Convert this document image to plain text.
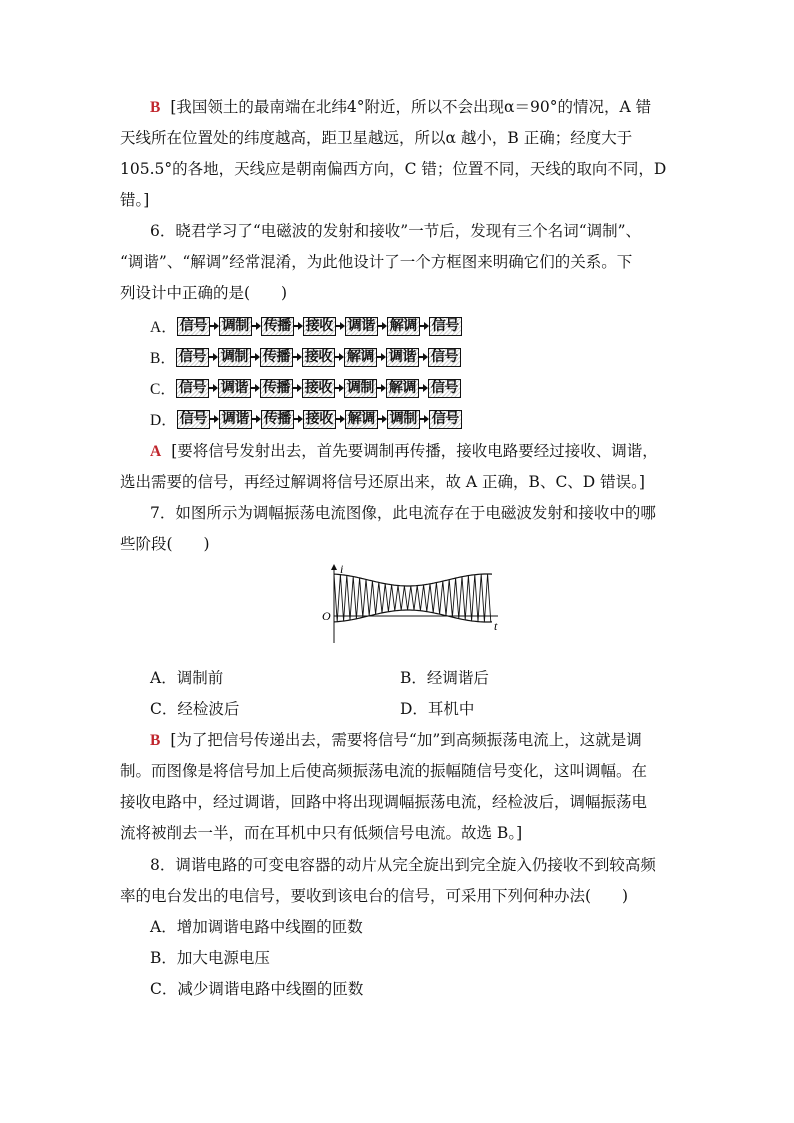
B [我国领土的最南端在北纬4°附近，所以不会出现α＝90°的情况，A 错
天线所在位置处的纬度越高，距卫星越远，所以α 越小，B 正确；经度大于
105.5°的各地，天线应是朝南偏西方向，C 错；位置不同，天线的取向不同，D
错。]
6．晓君学习了“电磁波的发射和接收”一节后，发现有三个名词“调制”、
“调谐”、“解调”经常混淆，为此他设计了一个方框图来明确它们的关系。下
列设计中正确的是(　　)
A． 信号 调制 传播 接收 调谐 解调 信号
B． 信号 调制 传播 接收 解调 调谐 信号
C． 信号 调谐 传播 接收 调制 解调 信号
D． 信号 调谐 传播 接收 解调 调制 信号
A [要将信号发射出去，首先要调制再传播，接收电路要经过接收、调谐，
选出需要的信号，再经过解调将信号还原出来，故 A 正确，B、C、D 错误。]
7．如图所示为调幅振荡电流图像，此电流存在于电磁波发射和接收中的哪
些阶段(　　)
i
t
O
A．调制前	B．经调谐后
C．经检波后	D．耳机中
B [为了把信号传递出去，需要将信号“加”到高频振荡电流上，这就是调
制。而图像是将信号加上后使高频振荡电流的振幅随信号变化，这叫调幅。在
接收电路中，经过调谐，回路中将出现调幅振荡电流，经检波后，调幅振荡电
流将被削去一半，而在耳机中只有低频信号电流。故选 B。]
8．调谐电路的可变电容器的动片从完全旋出到完全旋入仍接收不到较高频
率的电台发出的电信号，要收到该电台的信号，可采用下列何种办法(　　)
A．增加调谐电路中线圈的匝数
B．加大电源电压
C．减少调谐电路中线圈的匝数
